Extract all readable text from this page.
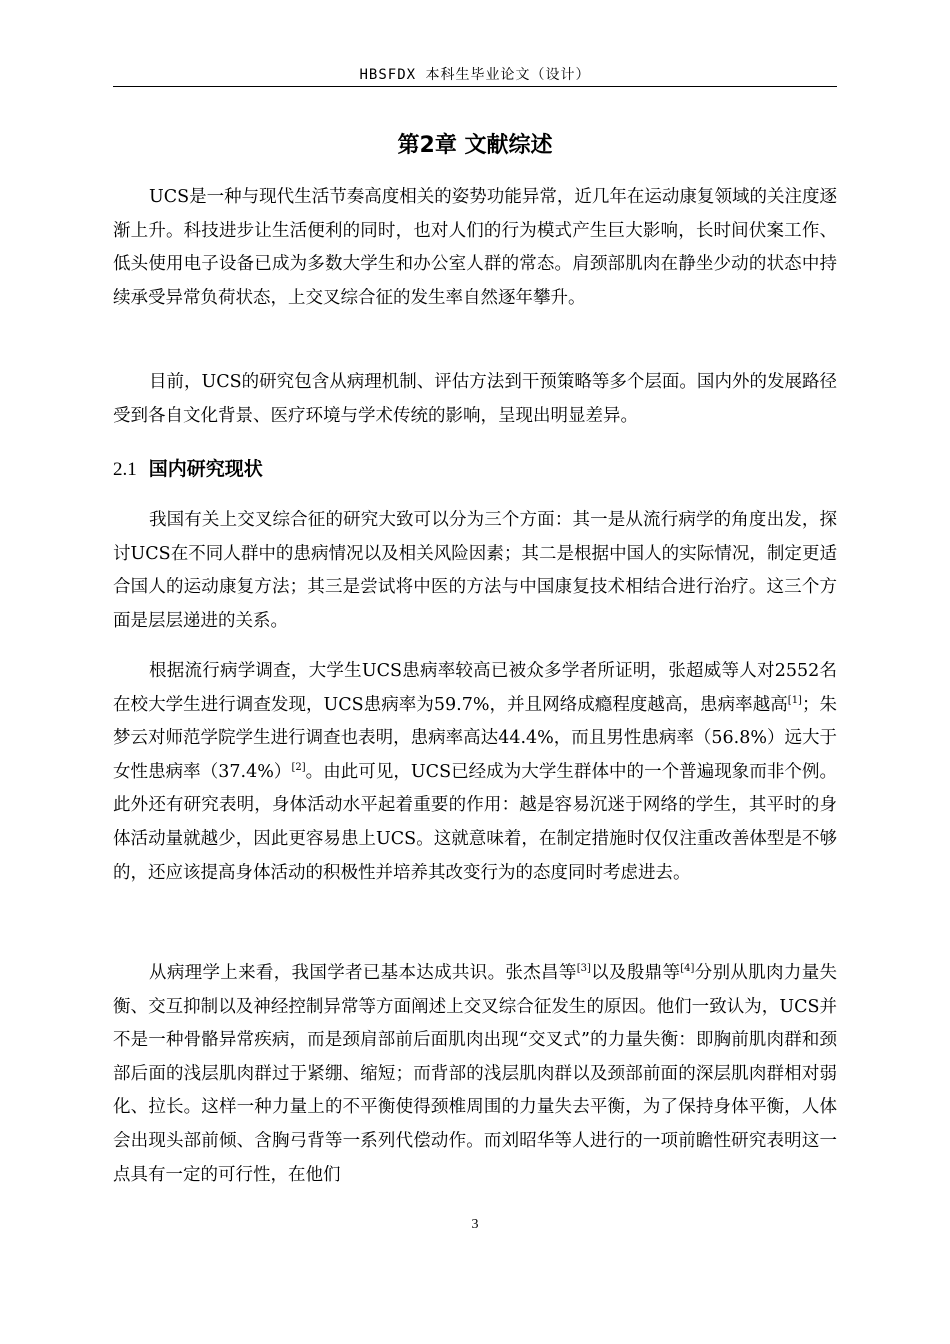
HBSFDX 本科生毕业论文（设计）
第2章 文献综述

UCS是一种与现代生活节奏高度相关的姿势功能异常，近几年在运动康复领域的关注度逐渐上升。科技进步让生活便利的同时，也对人们的行为模式产生巨大影响，长时间伏案工作、低头使用电子设备已成为多数大学生和办公室人群的常态。肩颈部肌肉在静坐少动的状态中持续承受异常负荷状态，上交叉综合征的发生率自然逐年攀升。

目前，UCS的研究包含从病理机制、评估方法到干预策略等多个层面。国内外的发展路径受到各自文化背景、医疗环境与学术传统的影响，呈现出明显差异。

2.1 国内研究现状

我国有关上交叉综合征的研究大致可以分为三个方面：其一是从流行病学的角度出发，探讨UCS在不同人群中的患病情况以及相关风险因素；其二是根据中国人的实际情况，制定更适合国人的运动康复方法；其三是尝试将中医的方法与中国康复技术相结合进行治疗。这三个方面是层层递进的关系。

根据流行病学调查，大学生UCS患病率较高已被众多学者所证明，张超威等人对2552名在校大学生进行调查发现，UCS患病率为59.7%，并且网络成瘾程度越高，患病率越高[1]；朱梦云对师范学院学生进行调查也表明，患病率高达44.4%，而且男性患病率（56.8%）远大于女性患病率（37.4%）[2]。由此可见，UCS已经成为大学生群体中的一个普遍现象而非个例。此外还有研究表明，身体活动水平起着重要的作用：越是容易沉迷于网络的学生，其平时的身体活动量就越少，因此更容易患上UCS。这就意味着，在制定措施时仅仅注重改善体型是不够的，还应该提高身体活动的积极性并培养其改变行为的态度同时考虑进去。

从病理学上来看，我国学者已基本达成共识。张杰昌等[3]以及殷鼎等[4]分别从肌肉力量失衡、交互抑制以及神经控制异常等方面阐述上交叉综合征发生的原因。他们一致认为，UCS并不是一种骨骼异常疾病，而是颈肩部前后面肌肉出现“交叉式”的力量失衡：即胸前肌肉群和颈部后面的浅层肌肉群过于紧绷、缩短；而背部的浅层肌肉群以及颈部前面的深层肌肉群相对弱化、拉长。这样一种力量上的不平衡使得颈椎周围的力量失去平衡，为了保持身体平衡，人体会出现头部前倾、含胸弓背等一系列代偿动作。而刘昭华等人进行的一项前瞻性研究表明这一点具有一定的可行性，在他们

3
